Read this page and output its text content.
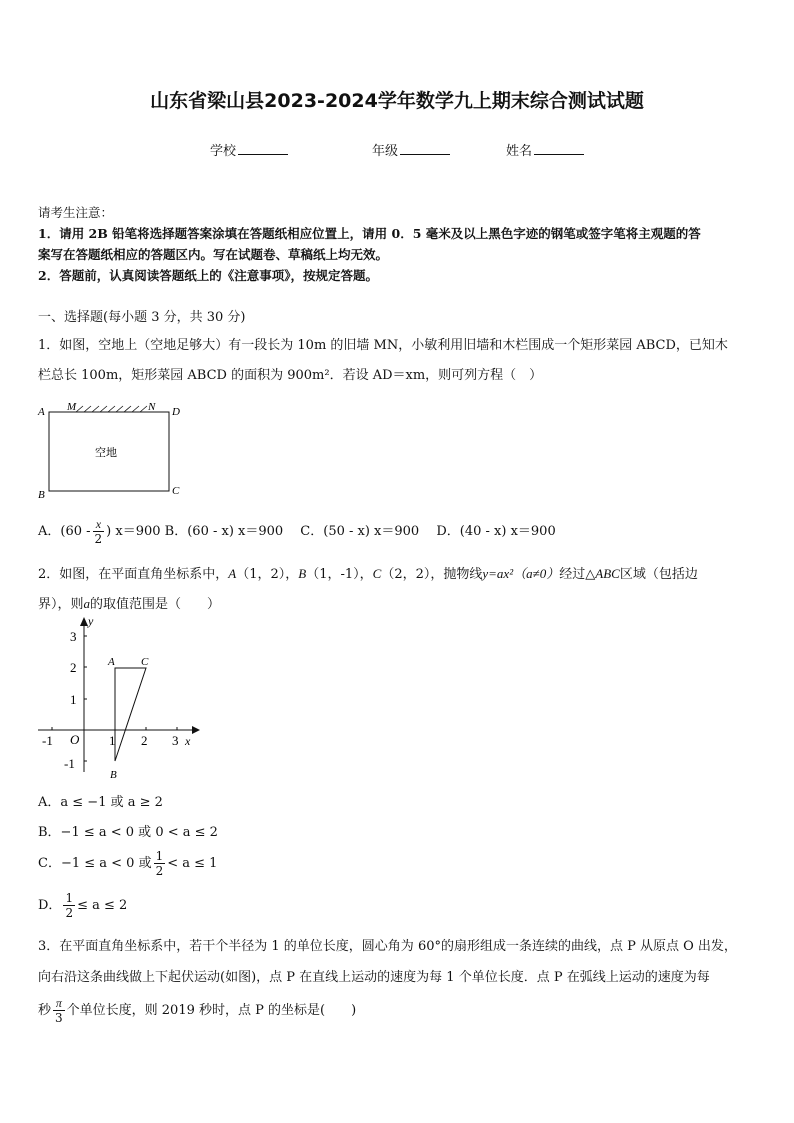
山东省梁山县2023-2024学年数学九上期末综合测试试题
学校	年级	姓名
请考生注意：
1．请用 2B 铅笔将选择题答案涂填在答题纸相应位置上，请用 0．5 毫米及以上黑色字迹的钢笔或签字笔将主观题的答
案写在答题纸相应的答题区内。写在试题卷、草稿纸上均无效。
2．答题前，认真阅读答题纸上的《注意事项》，按规定答题。
一、选择题(每小题 3 分，共 30 分)
1．如图，空地上（空地足够大）有一段长为 10m 的旧墙 MN，小敏利用旧墙和木栏围成一个矩形菜园 ABCD，已知木
栏总长 100m，矩形菜园 ABCD 的面积为 900m²．若设 AD＝xm，则可列方程（　）
A M	N D
B	C
空地
A．($60 - \frac{x}{2}$ ) x＝900 B．(60 - x) x＝900　 C．(50 - x) x＝900　 D．(40 - x) x＝900
2．如图，在平面直角坐标系中，A（1，2），B（1，-1），C（2，2），抛物线y=ax²（a≠0）经过△ABC区域（包括边
界），则a的取值范围是（　　）
y
x
O
-1	1 2 3
3
2
1
-1
A C
B
A．a ≤ −1 或 a ≥ 2
B．−1 ≤ a < 0 或 0 < a ≤ 2
C．−1 ≤ a < 0 或 $\frac{1}{2} < a \le 1$
D． $\frac{1}{2} \le a \le 2$
3．在平面直角坐标系中，若干个半径为 1 的单位长度，圆心角为 60°的扇形组成一条连续的曲线，点 P 从原点 O 出发，
向右沿这条曲线做上下起伏运动(如图)，点 P 在直线上运动的速度为每 1 个单位长度．点 P 在弧线上运动的速度为每
秒 $\frac{\pi}{3}$ 个单位长度，则 2019 秒时，点 P 的坐标是(　　)
